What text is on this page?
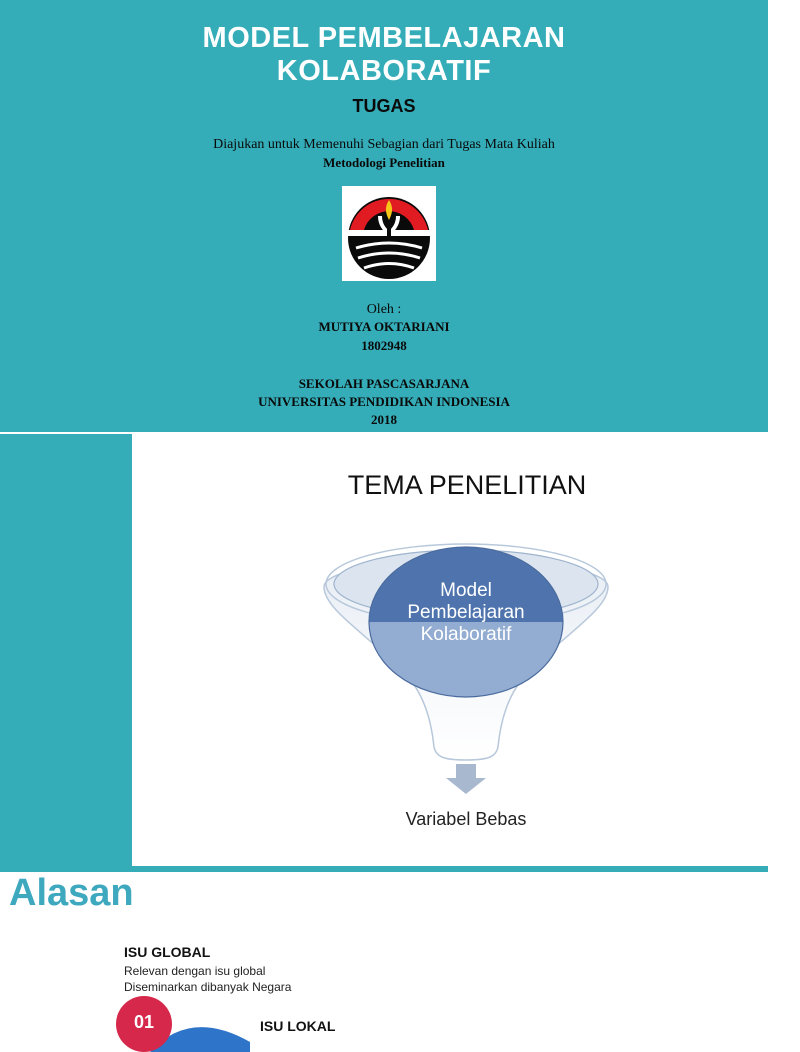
MODEL PEMBELAJARAN
KOLABORATIF
TUGAS
Diajukan untuk Memenuhi Sebagian dari Tugas Mata Kuliah
Metodologi Penelitian
Oleh :
MUTIYA OKTARIANI
1802948
SEKOLAH PASCASARJANA
UNIVERSITAS PENDIDIKAN INDONESIA
2018
TEMA PENELITIAN
Model
Pembelajaran
Kolaboratif
Variabel Bebas
Alasan
ISU GLOBAL
Relevan dengan isu global
Diseminarkan dibanyak Negara
01	ISU LOKAL
